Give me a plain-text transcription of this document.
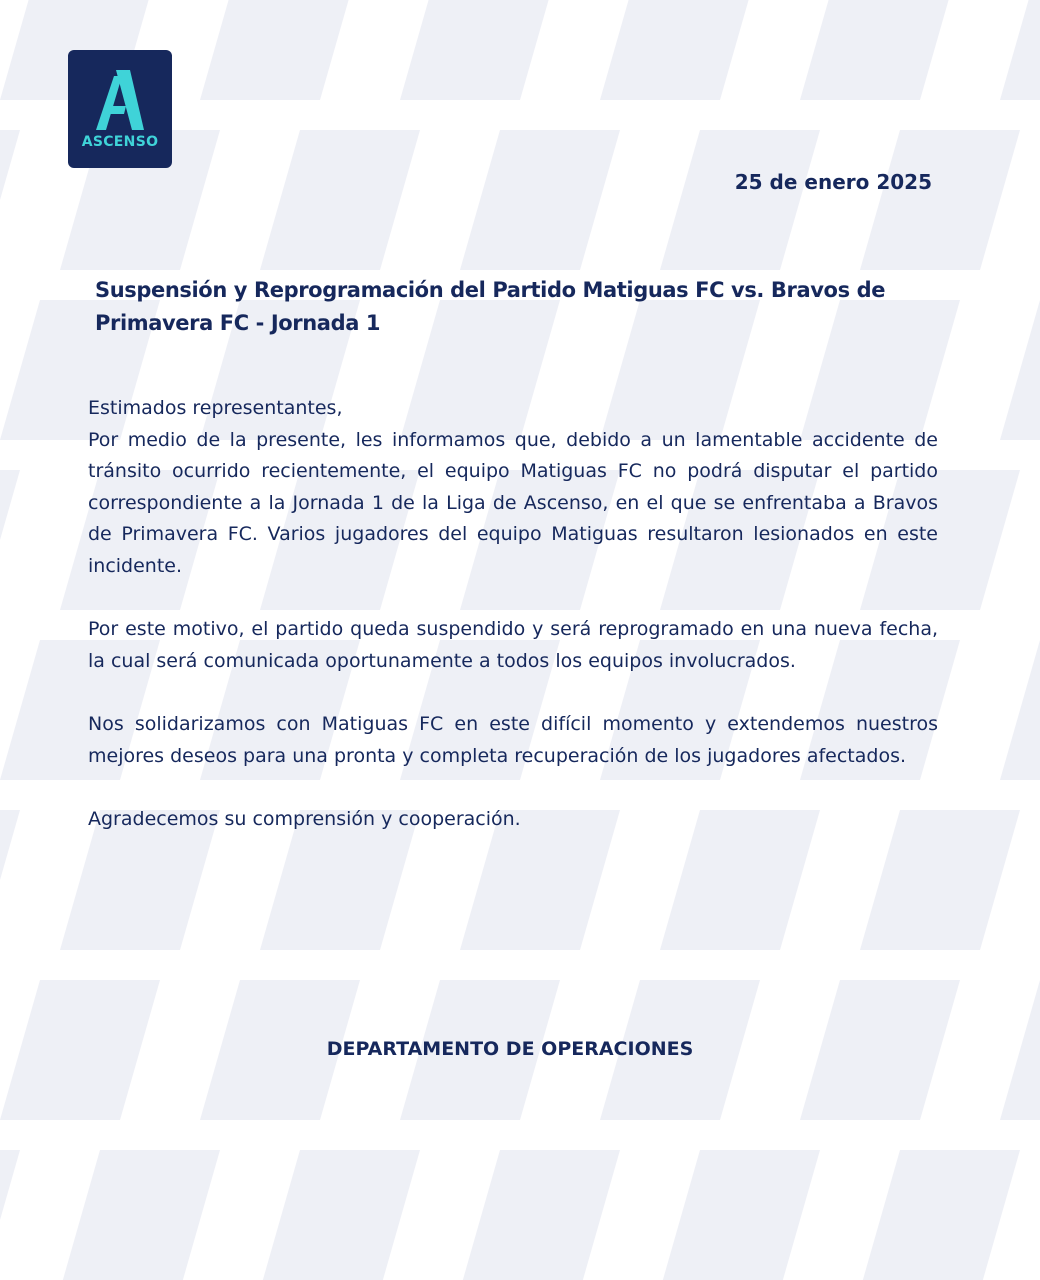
ASCENSO
25 de enero 2025
Suspensión y Reprogramación del Partido Matiguas FC vs. Bravos de Primavera FC - Jornada 1

Estimados representantes,

Por medio de la presente, les informamos que, debido a un lamentable accidente de tránsito ocurrido recientemente, el equipo Matiguas FC no podrá disputar el partido correspondiente a la Jornada 1 de la Liga de Ascenso, en el que se enfrentaba a Bravos de Primavera FC. Varios jugadores del equipo Matiguas resultaron lesionados en este incidente.

Por este motivo, el partido queda suspendido y será reprogramado en una nueva fecha, la cual será comunicada oportunamente a todos los equipos involucrados.

Nos solidarizamos con Matiguas FC en este difícil momento y extendemos nuestros mejores deseos para una pronta y completa recuperación de los jugadores afectados.

Agradecemos su comprensión y cooperación.

DEPARTAMENTO DE OPERACIONES
